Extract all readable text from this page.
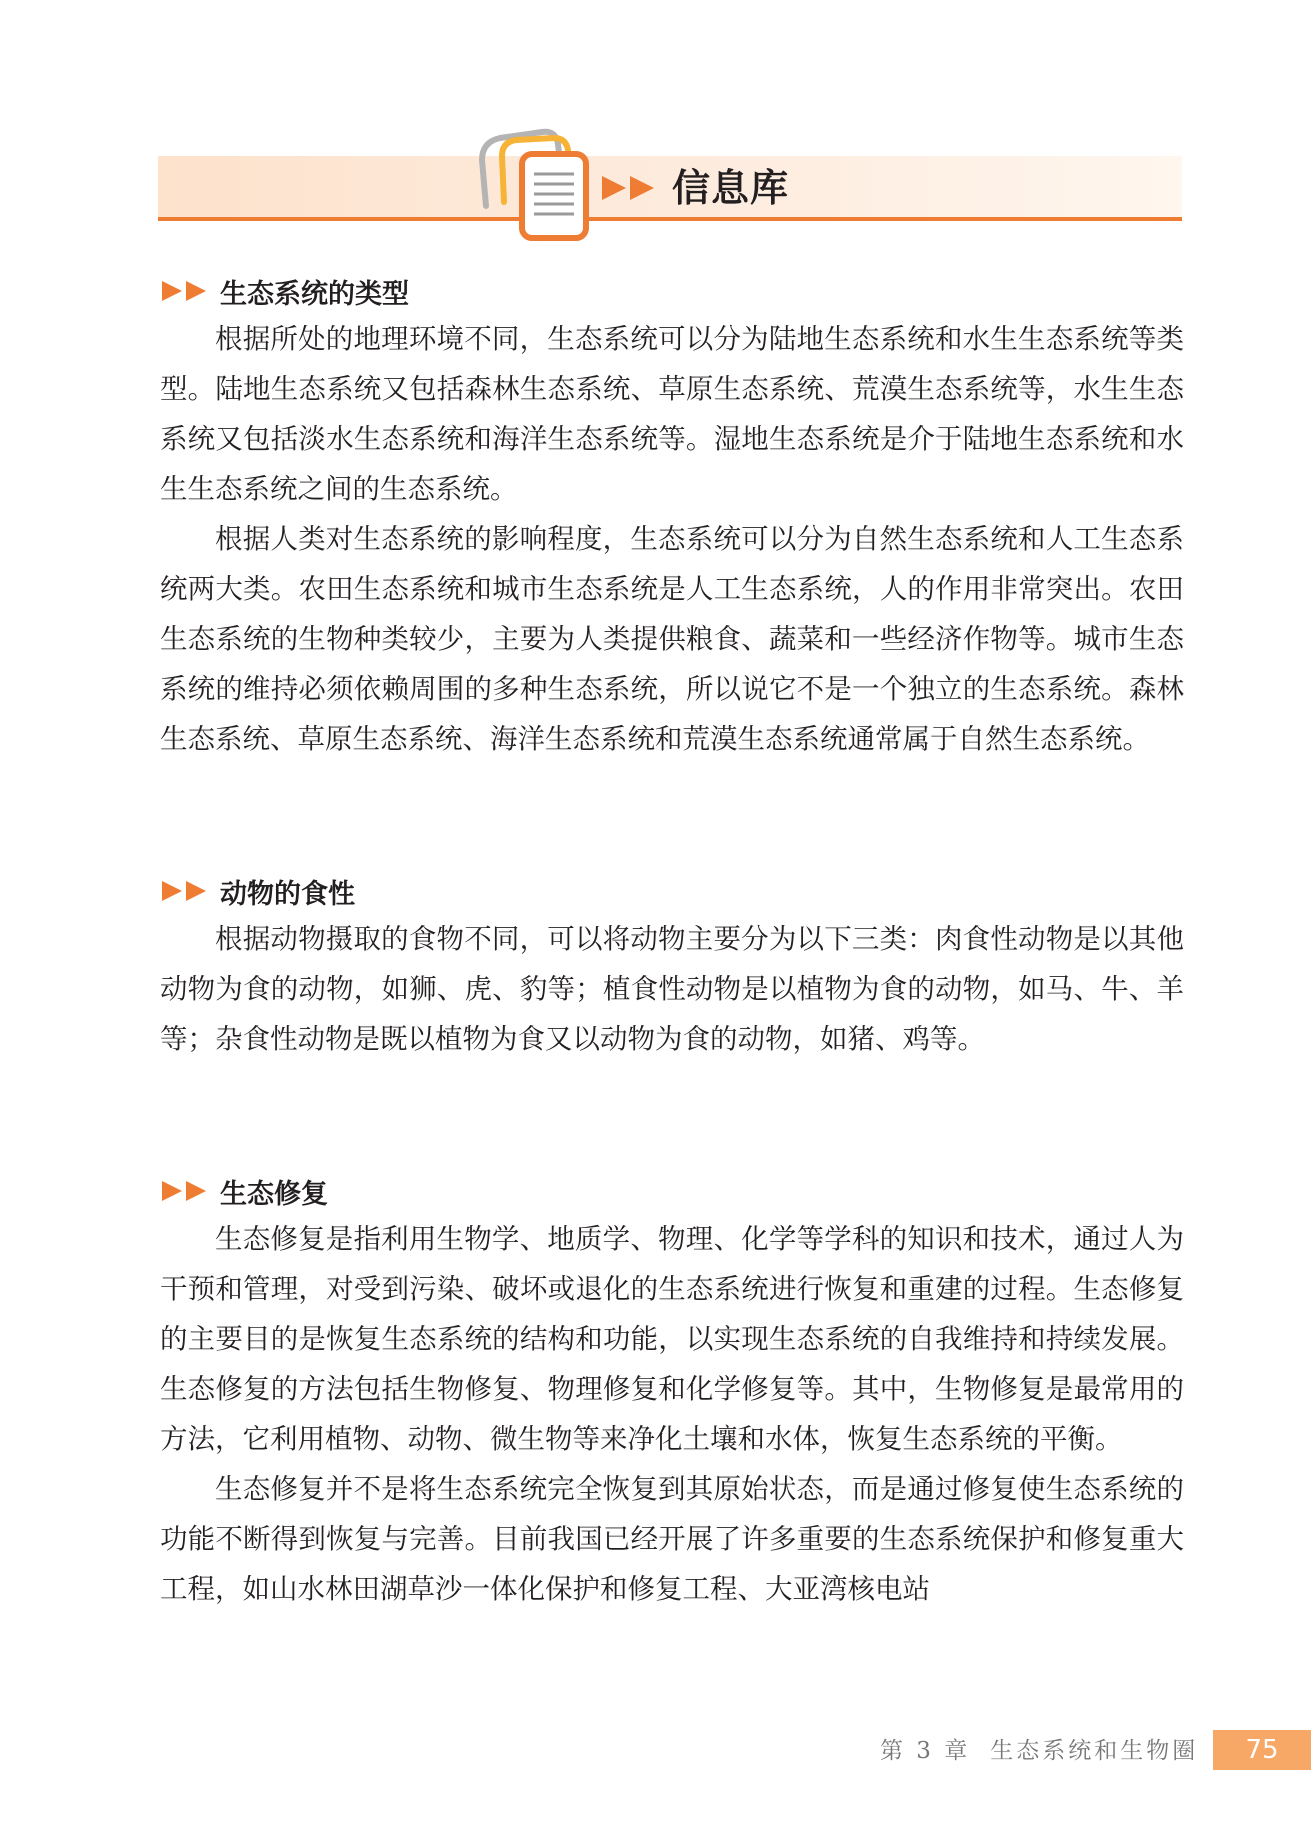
信息库
生态系统的类型

根据所处的地理环境不同，生态系统可以分为陆地生态系统和水生生态系统等类型。陆地生态系统又包括森林生态系统、草原生态系统、荒漠生态系统等，水生生态系统又包括淡水生态系统和海洋生态系统等。湿地生态系统是介于陆地生态系统和水生生态系统之间的生态系统。

根据人类对生态系统的影响程度，生态系统可以分为自然生态系统和人工生态系统两大类。农田生态系统和城市生态系统是人工生态系统，人的作用非常突出。农田生态系统的生物种类较少，主要为人类提供粮食、蔬菜和一些经济作物等。城市生态系统的维持必须依赖周围的多种生态系统，所以说它不是一个独立的生态系统。森林生态系统、草原生态系统、海洋生态系统和荒漠生态系统通常属于自然生态系统。

动物的食性

根据动物摄取的食物不同，可以将动物主要分为以下三类：肉食性动物是以其他动物为食的动物，如狮、虎、豹等；植食性动物是以植物为食的动物，如马、牛、羊等；杂食性动物是既以植物为食又以动物为食的动物，如猪、鸡等。

生态修复

生态修复是指利用生物学、地质学、物理、化学等学科的知识和技术，通过人为干预和管理，对受到污染、破坏或退化的生态系统进行恢复和重建的过程。生态修复的主要目的是恢复生态系统的结构和功能，以实现生态系统的自我维持和持续发展。生态修复的方法包括生物修复、物理修复和化学修复等。其中，生物修复是最常用的方法，它利用植物、动物、微生物等来净化土壤和水体，恢复生态系统的平衡。

生态修复并不是将生态系统完全恢复到其原始状态，而是通过修复使生态系统的功能不断得到恢复与完善。目前我国已经开展了许多重要的生态系统保护和修复重大工程，如山水林田湖草沙一体化保护和修复工程、大亚湾核电站

第 3 章 生态系统和生物圈	75
